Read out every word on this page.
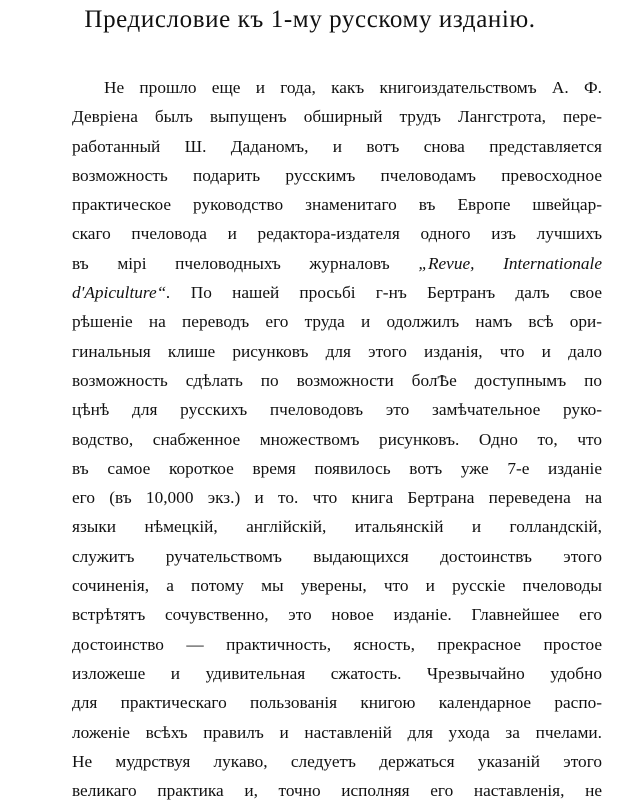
Предисловие къ 1-му русскому изданію.
Не прошло еще и года, какъ книгоиздательствомъ А. Ф.
Девріена былъ выпущенъ обширный трудъ Лангстрота, пере-
работанный Ш. Даданомъ, и вотъ снова представляется
возможность подарить русскимъ пчеловодамъ превосходное
практическое руководство знаменитаго въ Европе швейцар-
скаго пчеловода и редактора-издателя одного изъ лучшихъ
въ мірі пчеловодныхъ журналовъ „Revue, Internationale
d'Apiculture“. По нашей просьбі г-нъ Бертранъ далъ свое
рѣшеніе на переводъ его труда и одолжилъ намъ всѣ ори-
гинальныя клише рисунковъ для этого изданія, что и дало
возможность сдѣлать по возможности болѢе доступнымъ по
цѣнѣ для русскихъ пчеловодовъ это замѣчательное руко-
водство, снабженное множествомъ рисунковъ. Одно то, что
въ самое короткое время появилось вотъ уже 7-е изданіе
его (въ 10,000 экз.) и то. что книга Бертрана переведена на
языки нѣмецкій, англійскій, итальянскій и голландскій,
служитъ ручательствомъ выдающихся достоинствъ этого
сочиненія, а потому мы уверены, что и русскіе пчеловоды
встрѣтятъ сочувственно, это новое изданіе. Главнейшее его
достоинство — практичность, ясность, прекрасное простое
изложеше и удивительная сжатость. Чрезвычайно удобно
для практическаго пользованія книгою календарное распо-
ложеніе всѣхъ правилъ и наставленій для ухода за пчелами.
Не мудрствуя лукаво, следуетъ держаться указаній этого
великаго практика и, точно исполняя его наставленія, не
